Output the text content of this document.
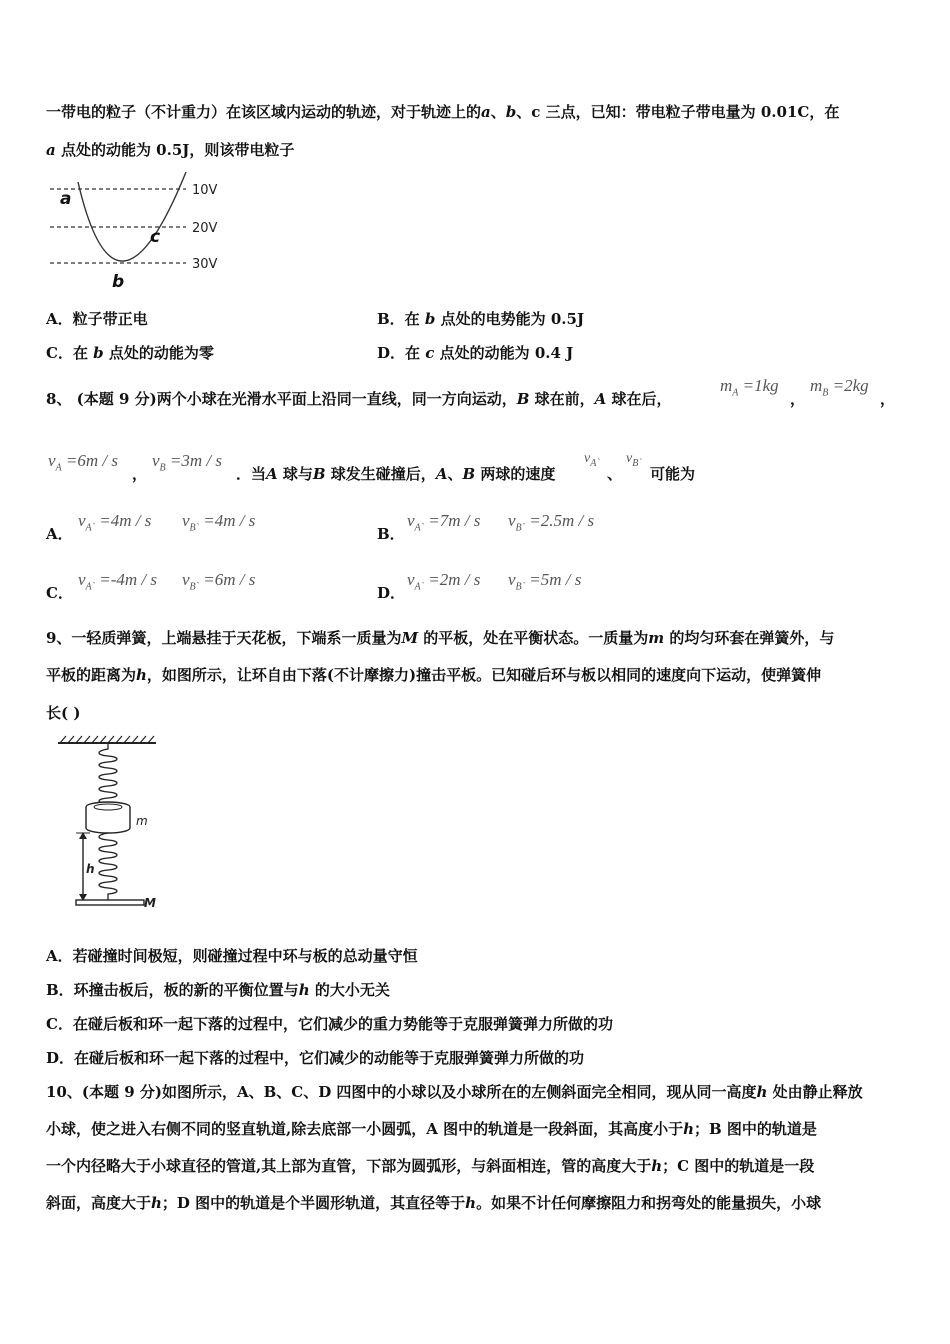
一带电的粒子（不计重力）在该区域内运动的轨迹，对于轨迹上的a、b、c 三点，已知：带电粒子带电量为 0.01C，在
a 点处的动能为 0.5J，则该带电粒子
10V
20V
30V
a
b
c
A．粒子带正电	B．在 b 点处的电势能为 0.5J
C．在 b 点处的动能为零	D．在 c 点处的动能为 0.4 J
8、 (本题 9 分)两个小球在光滑水平面上沿同一直线，同一方向运动，B 球在前，A 球在后，
$m_A =1kg$
，
$m_B =2kg$
，
$v_A =6m / s$
，
$v_B =3m / s$
．当A 球与B 球发生碰撞后，A、B 两球的速度
$v_{A`}$
、
$v_{B`}$
可能为
A．
$v_{A`} =4m / s$ $v_{B`} =4m / s$
B．
$v_{A`} =7m / s$ $v_{B`} =2.5m / s$
C．
$v_{A`} =-4m / s$ $v_{B`} =6m / s$
D．
$v_{A`} =2m / s$ $v_{B`} =5m / s$
9、一轻质弹簧，上端悬挂于天花板，下端系一质量为M 的平板，处在平衡状态。一质量为m 的均匀环套在弹簧外，与
平板的距离为h，如图所示，让环自由下落(不计摩擦力)撞击平板。已知碰后环与板以相同的速度向下运动，使弹簧伸
长( )
m
h
M
A．若碰撞时间极短，则碰撞过程中环与板的总动量守恒
B．环撞击板后，板的新的平衡位置与h 的大小无关
C．在碰后板和环一起下落的过程中，它们减少的重力势能等于克服弹簧弹力所做的功
D．在碰后板和环一起下落的过程中，它们减少的动能等于克服弹簧弹力所做的功
10、(本题 9 分)如图所示，A、B、C、D 四图中的小球以及小球所在的左侧斜面完全相同，现从同一高度h 处由静止释放
小球，使之进入右侧不同的竖直轨道,除去底部一小圆弧，A 图中的轨道是一段斜面，其高度小于h；B 图中的轨道是
一个内径略大于小球直径的管道,其上部为直管，下部为圆弧形，与斜面相连，管的高度大于h；C 图中的轨道是一段
斜面，高度大于h；D 图中的轨道是个半圆形轨道，其直径等于h。如果不计任何摩擦阻力和拐弯处的能量损失，小球
